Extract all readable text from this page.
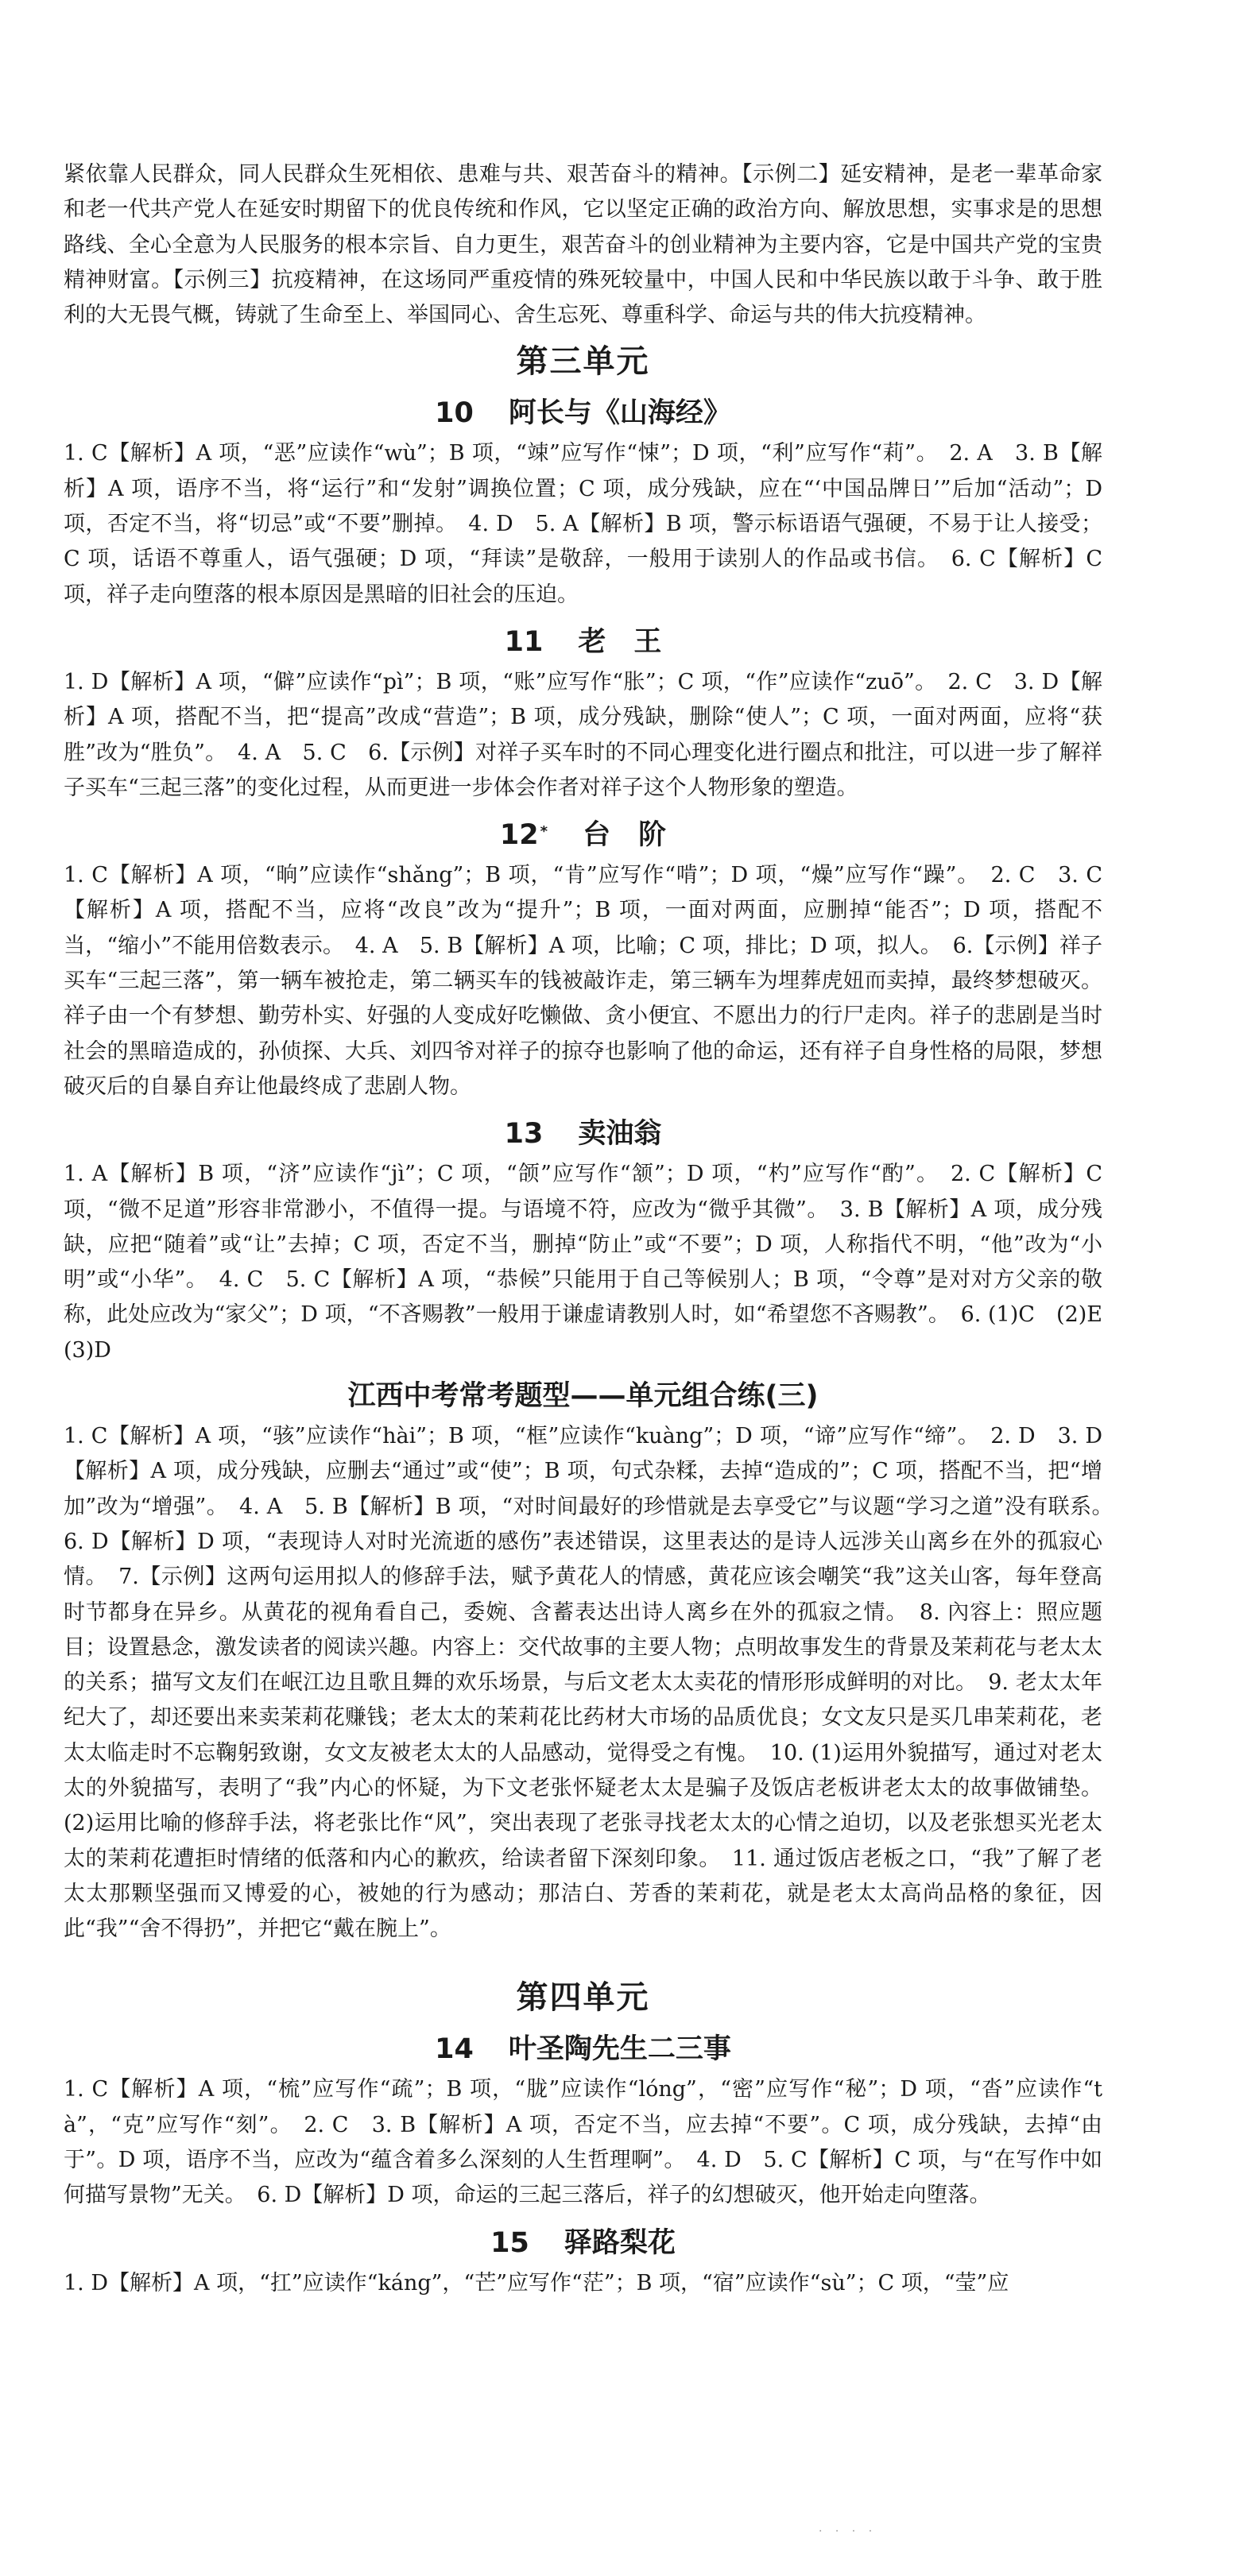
紧依靠人民群众，同人民群众生死相依、患难与共、艰苦奋斗的精神。【示例二】延安精神，是老一辈革命家和老一代共产党人在延安时期留下的优良传统和作风，它以坚定正确的政治方向、解放思想，实事求是的思想路线、全心全意为人民服务的根本宗旨、自力更生，艰苦奋斗的创业精神为主要内容，它是中国共产党的宝贵精神财富。【示例三】抗疫精神，在这场同严重疫情的殊死较量中，中国人民和中华民族以敢于斗争、敢于胜利的大无畏气概，铸就了生命至上、举国同心、舍生忘死、尊重科学、命运与共的伟大抗疫精神。

第三单元
10 阿长与《山海经》

1. C【解析】A 项，“恶”应读作“wù”；B 项，“竦”应写作“悚”；D 项，“利”应写作“莉”。　2. A　3. B【解析】A 项，语序不当，将“运行”和“发射”调换位置；C 项，成分残缺，应在“‘中国品牌日’”后加“活动”；D 项，否定不当，将“切忌”或“不要”删掉。　4. D　5. A【解析】B 项，警示标语语气强硬，不易于让人接受；C 项，话语不尊重人，语气强硬；D 项，“拜读”是敬辞，一般用于读别人的作品或书信。　6. C【解析】C 项，祥子走向堕落的根本原因是黑暗的旧社会的压迫。

11 老　王

1. D【解析】A 项，“僻”应读作“pì”；B 项，“账”应写作“胀”；C 项，“作”应读作“zuō”。　2. C　3. D【解析】A 项，搭配不当，把“提高”改成“营造”；B 项，成分残缺，删除“使人”；C 项，一面对两面，应将“获胜”改为“胜负”。　4. A　5. C　6.【示例】对祥子买车时的不同心理变化进行圈点和批注，可以进一步了解祥子买车“三起三落”的变化过程，从而更进一步体会作者对祥子这个人物形象的塑造。

12 * 台　阶

1. C【解析】A 项，“晌”应读作“shǎng”；B 项，“肯”应写作“啃”；D 项，“燥”应写作“躁”。　2. C　3. C【解析】A 项，搭配不当，应将“改良”改为“提升”；B 项，一面对两面，应删掉“能否”；D 项，搭配不当，“缩小”不能用倍数表示。　4. A　5. B【解析】A 项，比喻；C 项，排比；D 项，拟人。　6.【示例】祥子买车“三起三落”，第一辆车被抢走，第二辆买车的钱被敲诈走，第三辆车为埋葬虎妞而卖掉，最终梦想破灭。祥子由一个有梦想、勤劳朴实、好强的人变成好吃懒做、贪小便宜、不愿出力的行尸走肉。祥子的悲剧是当时社会的黑暗造成的，孙侦探、大兵、刘四爷对祥子的掠夺也影响了他的命运，还有祥子自身性格的局限，梦想破灭后的自暴自弃让他最终成了悲剧人物。

13 卖油翁

1. A【解析】B 项，“济”应读作“jì”；C 项，“颌”应写作“颔”；D 项，“杓”应写作“酌”。　2. C【解析】C 项，“微不足道”形容非常渺小，不值得一提。与语境不符，应改为“微乎其微”。　3. B【解析】A 项，成分残缺，应把“随着”或“让”去掉；C 项，否定不当，删掉“防止”或“不要”；D 项，人称指代不明，“他”改为“小明”或“小华”。　4. C　5. C【解析】A 项，“恭候”只能用于自己等候别人；B 项，“令尊”是对对方父亲的敬称，此处应改为“家父”；D 项，“不吝赐教”一般用于谦虚请教别人时，如“希望您不吝赐教”。　6. (1)C　(2)E　(3)D

江西中考常考题型——单元组合练(三)

1. C【解析】A 项，“骇”应读作“hài”；B 项，“框”应读作“kuàng”；D 项，“谛”应写作“缔”。　2. D　3. D【解析】A 项，成分残缺，应删去“通过”或“使”；B 项，句式杂糅，去掉“造成的”；C 项，搭配不当，把“增加”改为“增强”。　4. A　5. B【解析】B 项，“对时间最好的珍惜就是去享受它”与议题“学习之道”没有联系。　6. D【解析】D 项，“表现诗人对时光流逝的感伤”表述错误，这里表达的是诗人远涉关山离乡在外的孤寂心情。　7.【示例】这两句运用拟人的修辞手法，赋予黄花人的情感，黄花应该会嘲笑“我”这关山客，每年登高时节都身在异乡。从黄花的视角看自己，委婉、含蓄表达出诗人离乡在外的孤寂之情。　8. 內容上：照应题目；设置悬念，激发读者的阅读兴趣。内容上：交代故事的主要人物；点明故事发生的背景及茉莉花与老太太的关系；描写文友们在岷江边且歌且舞的欢乐场景，与后文老太太卖花的情形形成鲜明的对比。　9. 老太太年纪大了，却还要出来卖茉莉花赚钱；老太太的茉莉花比药材大市场的品质优良；女文友只是买几串茉莉花，老太太临走时不忘鞠躬致谢，女文友被老太太的人品感动，觉得受之有愧。　10. (1)运用外貌描写，通过对老太太的外貌描写，表明了“我”内心的怀疑，为下文老张怀疑老太太是骗子及饭店老板讲老太太的故事做铺垫。(2)运用比喻的修辞手法，将老张比作“风”，突出表现了老张寻找老太太的心情之迫切，以及老张想买光老太太的茉莉花遭拒时情绪的低落和内心的歉疚，给读者留下深刻印象。　11. 通过饭店老板之口，“我”了解了老太太那颗坚强而又博爱的心，被她的行为感动；那洁白、芳香的茉莉花，就是老太太高尚品格的象征，因此“我”“舍不得扔”，并把它“戴在腕上”。

第四单元
14 叶圣陶先生二三事

1. C【解析】A 项，“梳”应写作“疏”；B 项，“胧”应读作“lóng”，“密”应写作“秘”；D 项，“沓”应读作“tà”，“克”应写作“刻”。　2. C　3. B【解析】A 项，否定不当，应去掉“不要”。C 项，成分残缺，去掉“由于”。D 项，语序不当，应改为“蕴含着多么深刻的人生哲理啊”。　4. D　5. C【解析】C 项，与“在写作中如何描写景物”无关。　6. D【解析】D 项，命运的三起三落后，祥子的幻想破灭，他开始走向堕落。

15 驿路梨花

1. D【解析】A 项，“扛”应读作“káng”，“芒”应写作“茫”；B 项，“宿”应读作“sù”；C 项，“莹”应

· · · ·
